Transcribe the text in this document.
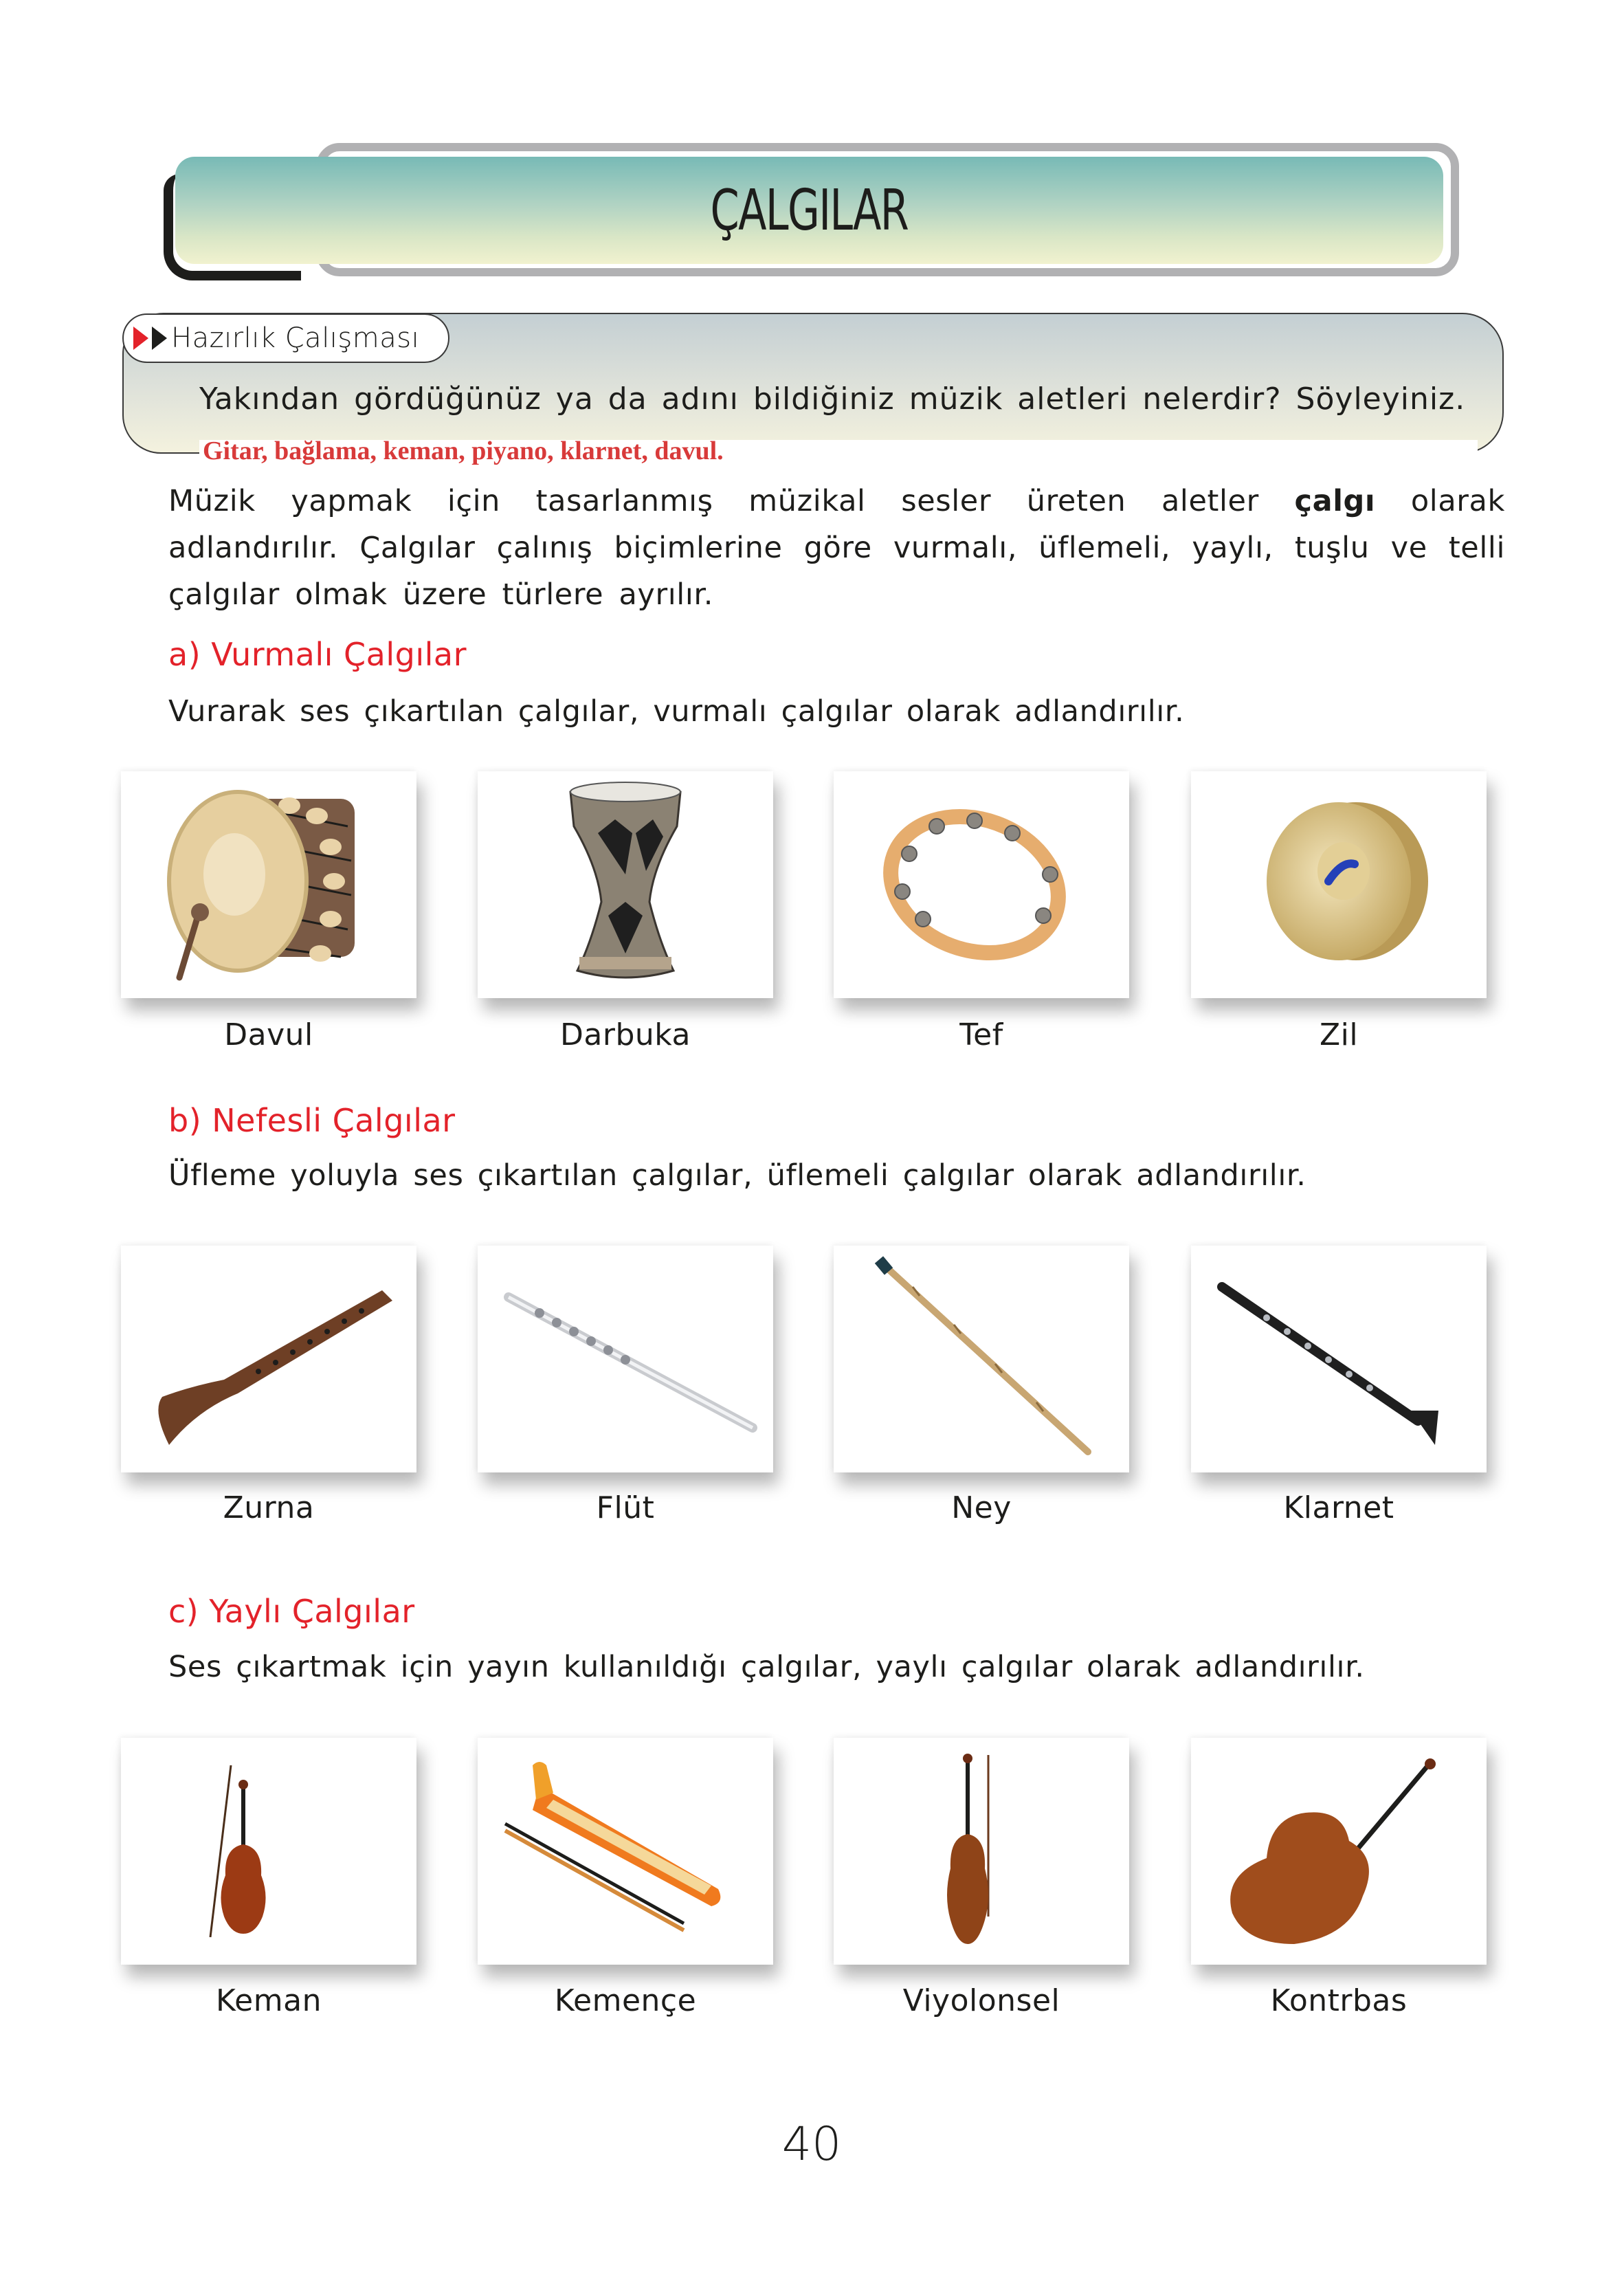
ÇALGILAR
Hazırlık Çalışması
Yakından gördüğünüz ya da adını bildiğiniz müzik aletleri nelerdir? Söyleyiniz.
Gitar, bağlama, keman, piyano, klarnet, davul.
Müzik yapmak için tasarlanmış müzikal sesler üreten aletler çalgı olarak adlandırılır. Çalgılar çalınış biçimlerine göre vurmalı, üflemeli, yaylı, tuşlu ve telli çalgılar olmak üzere türlere ayrılır.
a) Vurmalı Çalgılar
Vurarak ses çıkartılan çalgılar, vurmalı çalgılar olarak adlandırılır.
Davul	Darbuka	Tef	Zil
b) Nefesli Çalgılar
Üfleme yoluyla ses çıkartılan çalgılar, üflemeli çalgılar olarak adlandırılır.
Zurna	Flüt	Ney	Klarnet
c) Yaylı Çalgılar
Ses çıkartmak için yayın kullanıldığı çalgılar, yaylı çalgılar olarak adlandırılır.
Keman	Kemençe	Viyolonsel	Kontrbas
40
